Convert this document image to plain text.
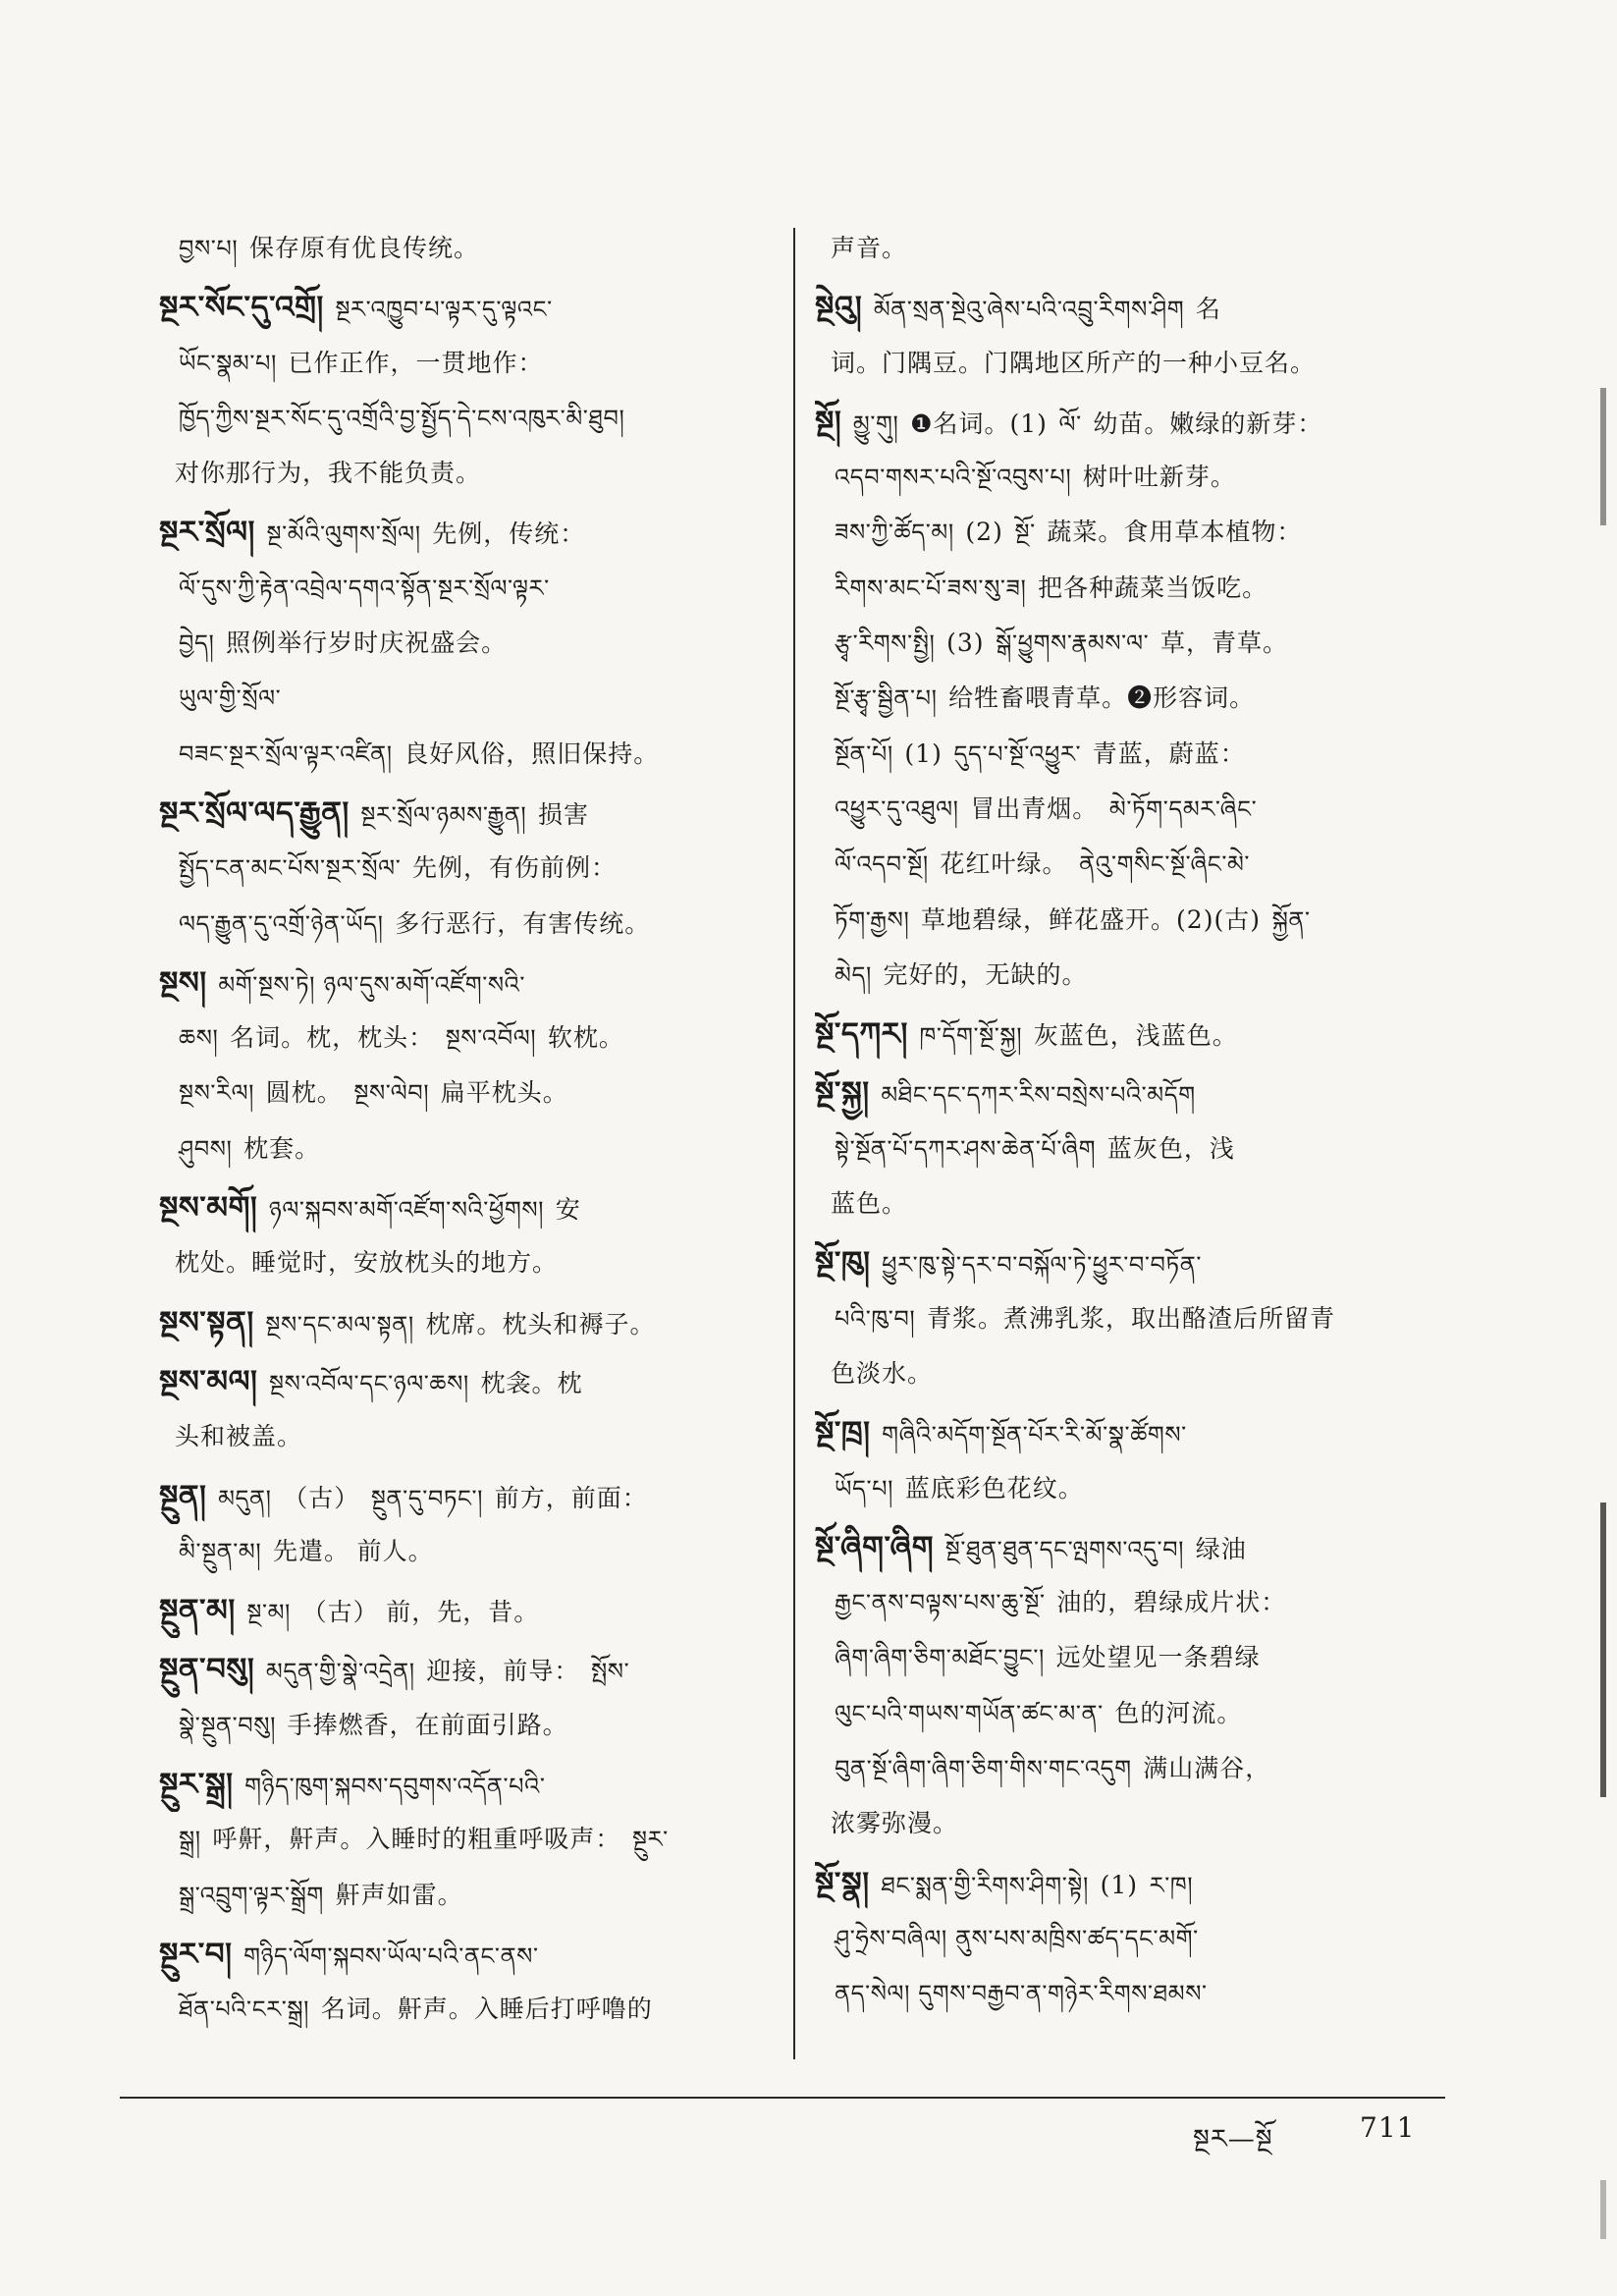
བྱས་པ། 保存原有优良传统。
སྔར་སོང་དུ་འགྲོ། སྔར་འཁྱུབ་པ་ལྟར་དུ་ལྟའང་
ཡོང་སྣམ་པ། 已作正作，一贯地作：
ཁྱོད་ཀྱིས་སྔར་སོང་དུ་འགྲོའི་བྱ་སྤྱོད་དེ་ངས་འཁུར་མི་ཐུབ།
对你那行为，我不能负责。
སྔར་སྲོལ། སྔ་མོའི་ལུགས་སྲོལ། 先例，传统：
ལོ་དུས་ཀྱི་རྟེན་འབྲེལ་དགའ་སྟོན་སྔར་སྲོལ་ལྟར་
བྱེད། 照例举行岁时庆祝盛会。
ཡུལ་གྱི་སྲོལ་
བཟང་སྔར་སྲོལ་ལྟར་འཛིན། 良好风俗，照旧保持。
སྔར་སྲོལ་ལད་རྒྱུན། སྔར་སྲོལ་ཉམས་རྒྱུན། 损害
སྤྱོད་ངན་མང་པོས་སྔར་སྲོལ་ 先例，有伤前例：
ལད་རྒྱུན་དུ་འགྲོ་ཉེན་ཡོད། 多行恶行，有害传统。
སྔས། མགོ་སྔས་ཏེ། ཉལ་དུས་མགོ་འཛོག་སའི་
ཆས། 名词。枕，枕头： སྔས་འབོལ། 软枕。
སྔས་རིལ། 圆枕。 སྔས་ལེབ། 扁平枕头。
ཤུབས། 枕套。
སྔས་མགོ། ཉལ་སྐབས་མགོ་འཛོག་སའི་ཕྱོགས། 安
枕处。睡觉时，安放枕头的地方。
སྔས་སྟན། སྔས་དང་མལ་སྟན། 枕席。枕头和褥子。
སྔས་མལ། སྔས་འབོལ་དང་ཉལ་ཆས། 枕衾。枕
头和被盖。
སྔུན། མདུན། （古） སྔུན་དུ་བཏང་། 前方，前面：
མི་སྔུན་མ། 先遣。 前人。
སྔུན་མ། སྔ་མ། （古） 前，先，昔。
སྔུན་བསུ། མདུན་གྱི་སྣེ་འདྲེན། 迎接，前导： སྤོས་
སྣེ་སྔུན་བསུ། 手捧燃香，在前面引路。
སྔུར་སྒྲ། གཉིད་ཁུག་སྐབས་དབུགས་འདོན་པའི་
སྒྲ། 呼鼾，鼾声。入睡时的粗重呼吸声： སྔུར་
སྒྲ་འབྲུག་ལྟར་སྒྲོག 鼾声如雷。
སྔུར་བ། གཉིད་ལོག་སྐབས་ཡོལ་པའི་ནང་ནས་
ཐོན་པའི་ངར་སྒྲ། 名词。鼾声。入睡后打呼噜的
声音。
སྔེའུ། མོན་སྲན་སྔེའུ་ཞེས་པའི་འབྲུ་རིགས་ཤིག 名
词。门隅豆。门隅地区所产的一种小豆名。
སྔོ། མྱུ་གུ། ❶名词。(1) ལོ་ 幼苗。嫩绿的新芽：
འདབ་གསར་པའི་སྔོ་འབུས་པ། 树叶吐新芽。
ཟས་ཀྱི་ཚོད་མ། (2) སྔོ་ 蔬菜。食用草本植物：
རིགས་མང་པོ་ཟས་སུ་ཟ། 把各种蔬菜当饭吃。
རྩྭ་རིགས་སྤྱི། (3) སྒོ་ཕྱུགས་རྣམས་ལ་ 草，青草。
སྔོ་རྩྭ་སྦྱིན་པ། 给牲畜喂青草。❷形容词。
སྔོན་པོ། (1) དུད་པ་སྔོ་འཕྱུར་ 青蓝，蔚蓝：
འཕྱུར་དུ་འཐུལ། 冒出青烟。 མེ་ཏོག་དམར་ཞིང་
ལོ་འདབ་སྔོ། 花红叶绿。 ནེའུ་གསིང་སྔོ་ཞིང་མེ་
ཏོག་རྒྱས། 草地碧绿，鲜花盛开。(2)(古) སྐྱོན་
མེད། 完好的，无缺的。
སྔོ་དཀར། ཁ་དོག་སྔོ་སྐྱ། 灰蓝色，浅蓝色。
སྔོ་སྐྱ། མཐིང་དང་དཀར་རིས་བསྲེས་པའི་མདོག
སྟེ་སྔོན་པོ་དཀར་ཤས་ཆེན་པོ་ཞིག 蓝灰色，浅
蓝色。
སྔོ་ཁུ། ཕྱུར་ཁུ་སྟེ་དར་བ་བསྐོལ་ཏེ་ཕྱུར་བ་བཏོན་
པའི་ཁུ་བ། 青浆。煮沸乳浆，取出酪渣后所留青
色淡水。
སྔོ་ཁྲ། གཞིའི་མདོག་སྔོན་པོར་རི་མོ་སྣ་ཚོགས་
ཡོད་པ། 蓝底彩色花纹。
སྔོ་ཞིག་ཞིག སྔོ་ཐུན་ཐུན་དང་ལྤགས་འདུ་བ། 绿油
རྒྱང་ནས་བལྟས་པས་ཆུ་སྔོ་ 油的，碧绿成片状：
ཞིག་ཞིག་ཅིག་མཐོང་བྱུང་། 远处望见一条碧绿
ལུང་པའི་གཡས་གཡོན་ཚང་མ་ན་ 色的河流。
བུན་སྔོ་ཞིག་ཞིག་ཅིག་གིས་གང་འདུག 满山满谷，
浓雾弥漫。
སྔོ་སྣ། ཐང་སྨན་གྱི་རིགས་ཤིག་སྟེ། (1) ར་ཁ།
ཤུ་ཧྲེས་བཞིལ། ནུས་པས་མཁྲིས་ཚད་དང་མགོ་
ནད་སེལ། དུགས་བརྒྱབ་ན་གཉེར་རིགས་ཐམས་
སྔར—སྔོ	711
